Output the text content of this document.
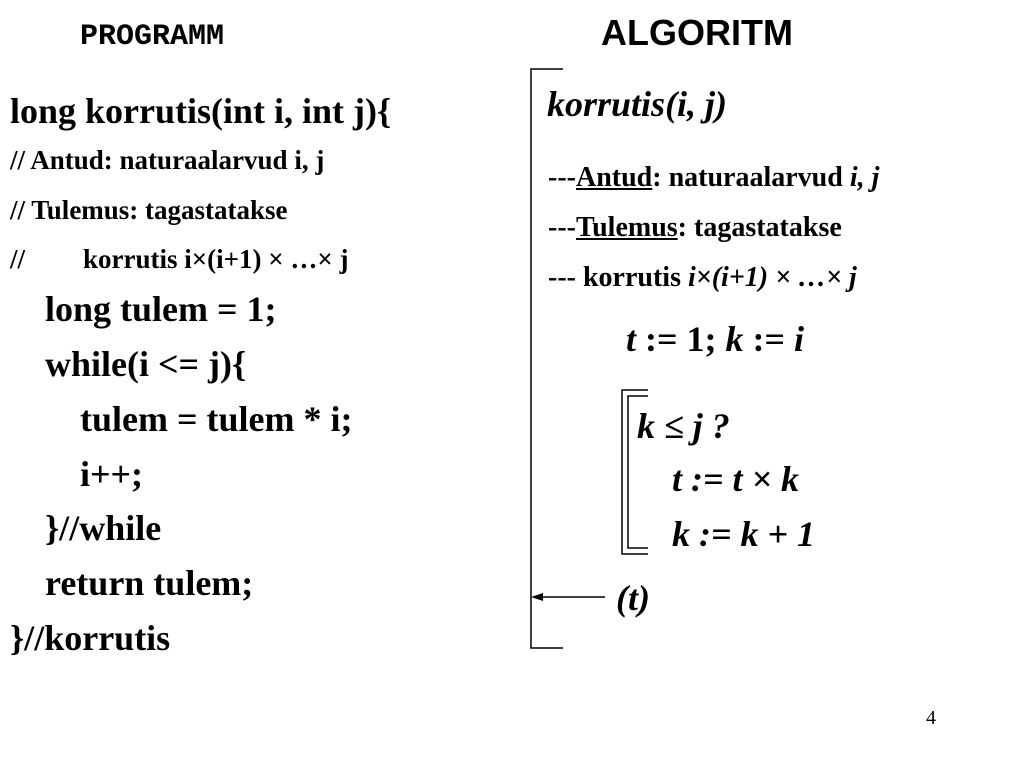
PROGRAMM	ALGORITM
long korrutis(int i, int j){
// Antud: naturaalarvud i, j
// Tulemus: tagastatakse
// korrutis i×(i+1) × …× j
long tulem = 1;
while(i <= j){
tulem = tulem * i;
i++;
}//while
return tulem;
}//korrutis
korrutis(i, j)
---Antud: naturaalarvud i, j
---Tulemus: tagastatakse
--- korrutis i×(i+1) × …× j
t := 1; k := i
k ≤ j ?
t := t × k
k := k + 1
(t)
4
